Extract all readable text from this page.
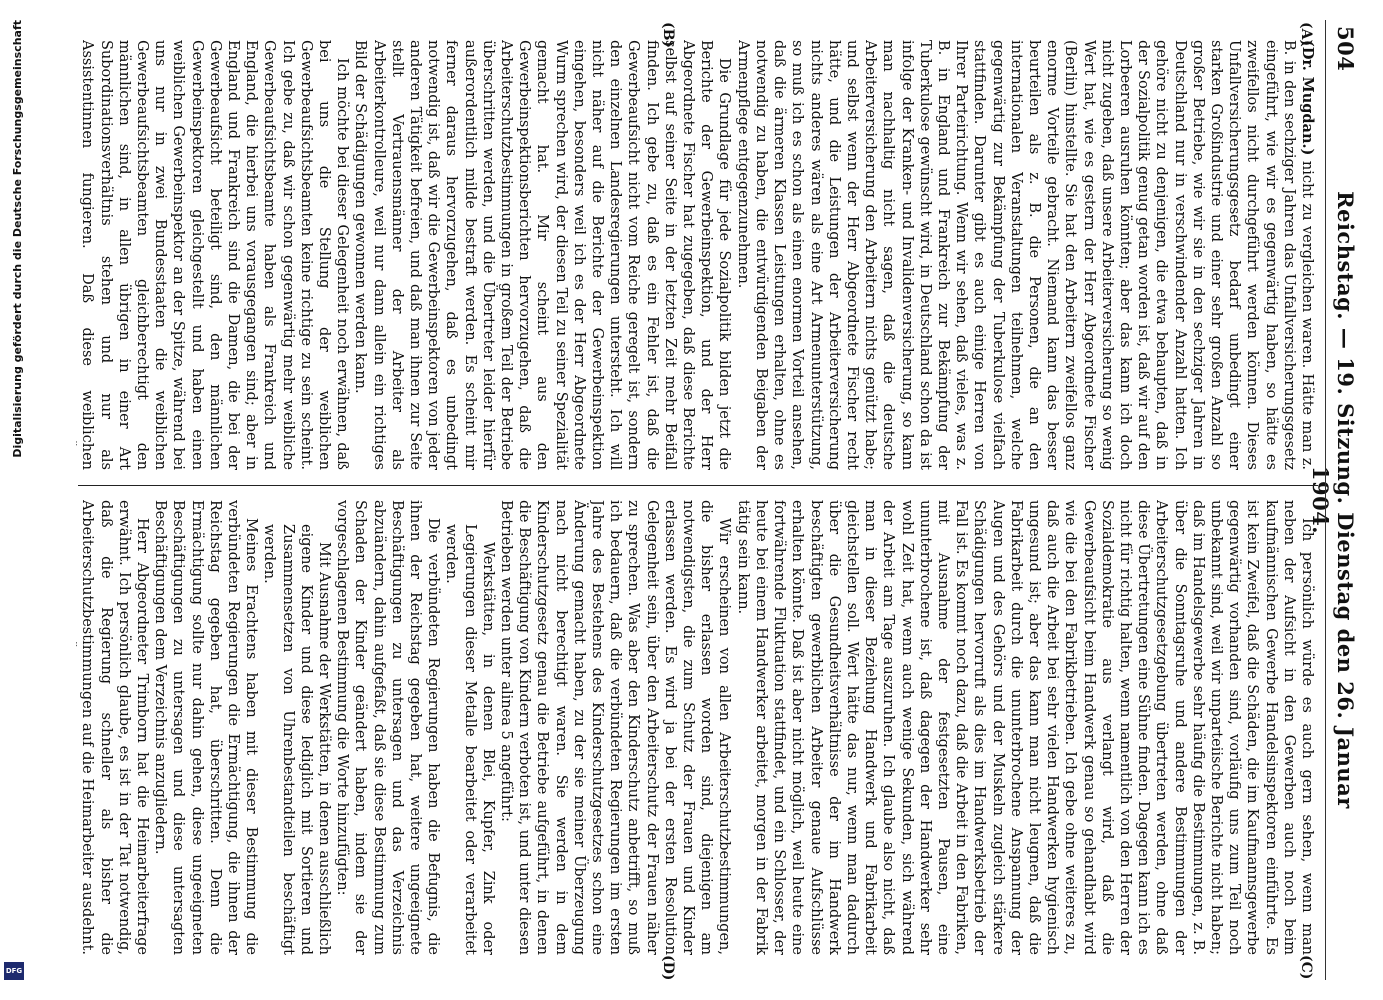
504
Reichstag. — 19. Sitzung. Dienstag den 26. Januar 1904.
(A)
(B)
(C)
(D)

(Dr. Mugdan.) nicht zu vergleichen waren. Hätte man z. B. in den sechziger Jahren das Unfallversicherungsgesetz eingeführt, wie wir es gegenwärtig haben, so hätte es zweifellos nicht durchgeführt werden können. Dieses Unfallversicherungsgesetz bedarf unbedingt einer starken Großindustrie und einer sehr großen Anzahl so großer Betriebe, wie wir sie in den sechziger Jahren in Deutschland nur in verschwindender Anzahl hatten. Ich gehöre nicht zu denjenigen, die etwa behaupten, daß in der Sozialpolitik genug getan worden ist, daß wir auf den Lorbeeren ausruhen könnten; aber das kann ich doch nicht zugeben, daß unsere Arbeiterversicherung so wenig Wert hat, wie es gestern der Herr Abgeordnete Fischer (Berlin) hinstellte. Sie hat den Arbeitern zweifellos ganz enorme Vorteile gebracht. Niemand kann das besser beurteilen als z. B. die Personen, die an den internationalen Veranstaltungen teilnehmen, welche gegenwärtig zur Bekämpfung der Tuberkulose vielfach stattfinden. Darunter gibt es auch einige Herren von Ihrer Parteirichtung. Wenn wir sehen, daß vieles, was z. B. in England und Frankreich zur Bekämpfung der Tuberkulose gewünscht wird, in Deutschland schon da ist infolge der Kranken- und Invalidenversicherung, so kann man nachhaltig nicht sagen, daß die deutsche Arbeiterversicherung den Arbeitern nichts genützt habe; und selbst wenn der Herr Abgeordnete Fischer recht hätte, und die Leistungen der Arbeiterversicherung nichts anderes wären als eine Art Armenunterstützung, so muß ich es schon als einen enormen Vorteil ansehen, daß die ärmeren Klassen Leistungen erhalten, ohne es notwendig zu haben, die entwürdigenden Beigaben der Armenpflege entgegenzunehmen.

Die Grundlage für jede Sozialpolitik bilden jetzt die Berichte der Gewerbeinspektion, und der Herr Abgeordnete Fischer hat zugegeben, daß diese Berichte selbst auf seiner Seite in der letzten Zeit mehr Beifall finden. Ich gebe zu, daß es ein Fehler ist, daß die Gewerbeaufsicht nicht vom Reiche geregelt ist, sondern den einzelnen Landesregierungen untersteht. Ich will nicht näher auf die Berichte der Gewerbeinspektion eingehen, besonders weil ich es der Herr Abgeordnete Wurm sprechen wird, der diesen Teil zu seiner Spezialität gemacht hat. Mir scheint aus den Gewerbeinspektionsberichten hervorzugehen, daß die Arbeiterschutzbestimmungen in großem Teil der Betriebe überschritten werden, und die Übertreter leider hierfür außerordentlich milde bestraft werden. Es scheint mir ferner daraus hervorzugehen, daß es unbedingt notwendig ist, daß wir die Gewerbeinspektoren von jeder anderen Tätigkeit befreien, und daß man ihnen zur Seite stellt Vertrauensmänner der Arbeiter als Arbeiterkontrolleure, weil nur dann allein ein richtiges Bild der Schädigungen gewonnen werden kann.

Ich möchte bei dieser Gelegenheit noch erwähnen, daß bei uns die Stellung der weiblichen Gewerbeaufsichtsbeamten keine richtige zu sein scheint. Ich gebe zu, daß wir schon gegenwärtig mehr weibliche Gewerbeaufsichtsbeamte haben als Frankreich und England, die hierbei uns vorausgegangen sind; aber in England und Frankreich sind die Damen, die bei der Gewerbeaufsicht beteiligt sind, den männlichen Gewerbeinspektoren gleichgestellt und haben einen weiblichen Gewerbeinspektor an der Spitze, während bei uns nur in zwei Bundesstaaten die weiblichen Gewerbeaufsichtsbeamten gleichberechtigt den männlichen sind, in allen übrigen in einer Art Subordinationsverhältnis stehen und nur als Assistentinnen fungieren. Daß diese weiblichen

Ich persönlich würde es auch gern sehen, wenn man neben der Aufsicht in den Gewerben auch noch beim kaufmännischen Gewerbe Handelsinspektoren einführte. Es ist kein Zweifel, daß die Schäden, die im Kaufmannsgewerbe gegenwärtig vorhanden sind, vorläufig uns zum Teil noch unbekannt sind, weil wir unparteiische Berichte nicht haben; daß im Handelsgewerbe sehr häufig die Bestimmungen, z. B. über die Sonntagsruhe und andere Bestimmungen der Arbeiterschutzgesetzgebung übertreten werden, ohne daß diese Übertretungen eine Sühne finden. Dagegen kann ich es nicht für richtig halten, wenn namentlich von den Herren der Sozialdemokratie aus verlangt wird, daß die Gewerbeaufsicht beim Handwerk genau so gehandhabt wird wie die bei den Fabrikbetrieben. Ich gebe ohne weiteres zu, daß auch die Arbeit bei sehr vielen Handwerken hygienisch ungesund ist; aber das kann man nicht leugnen, daß die Fabrikarbeit durch die ununterbrochene Anspannung der Augen und des Gehörs und der Muskeln zugleich stärkere Schädigungen hervorruft als dies im Handwerksbetrieb der Fall ist. Es kommt noch dazu, daß die Arbeit in den Fabriken, mit Ausnahme der festgesetzten Pausen, eine ununterbrochene ist, daß dagegen der Handwerker sehr wohl Zeit hat, wenn auch wenige Sekunden, sich während der Arbeit am Tage auszuruhen. Ich glaube also nicht, daß man in dieser Beziehung Handwerk und Fabrikarbeit gleichstellen soll. Wert hätte das nur, wenn man dadurch über die Gesundheitsverhältnisse der im Handwerk beschäftigten gewerblichen Arbeiter genaue Aufschlüsse erhalten könnte. Daß ist aber nicht möglich, weil heute eine fortwährende Fluktuation stattfindet, und ein Schlosser, der heute bei einem Handwerker arbeitet, morgen in der Fabrik tätig sein kann.

Wir erscheinen von allen Arbeiterschutzbestimmungen, die bisher erlassen worden sind, diejenigen am notwendigsten, die zum Schutz der Frauen und Kinder erlassen werden. Es wird ja bei der ersten Resolution Gelegenheit sein, über den Arbeiterschutz der Frauen näher zu sprechen. Was aber den Kinderschutz anbetrifft, so muß ich bedauern, daß die verbündeten Regierungen im ersten Jahre des Bestehens des Kinderschutzgesetzes schon eine Änderung gemacht haben, zu der sie meiner Überzeugung nach nicht berechtigt waren. Sie werden in dem Kinderschutzgesetz genau die Betriebe aufgeführt, in denen die Beschäftigung von Kindern verboten ist, und unter diesen Betrieben werden unter alinea 5 angeführt:

Werkstätten, in denen Blei, Kupfer, Zink oder Legierungen dieser Metalle bearbeitet oder verarbeitet werden.

Die verbündeten Regierungen haben die Befugnis, die ihnen der Reichstag gegeben hat, weitere ungeeignete Beschäftigungen zu untersagen und das Verzeichnis abzuändern, dahin aufgefaßt, daß sie diese Bestimmung zum Schaden der Kinder geändert haben, indem sie der vorgeschlagenen Bestimmung die Worte hinzufügten:

Mit Ausnahme der Werkstätten, in denen ausschließlich eigene Kinder und diese lediglich mit Sortieren und Zusammensetzen von Uhrenbestandteilen beschäftigt werden.

Meines Erachtens haben mit dieser Bestimmung die verbündeten Regierungen die Ermächtigung, die ihnen der Reichstag gegeben hat, überschritten. Denn die Ermächtigung sollte nur dahin gehen, diese ungeeigneten Beschäftigungen zu untersagen und diese untersagten Beschäftigungen dem Verzeichnis anzugliedern.

Herr Abgeordneter Trimborn hat die Heimarbeiterfrage erwähnt. Ich persönlich glaube, es ist in der Tat notwendig, daß die Regierung schneller als bisher die Arbeiterschutzbestimmungen auf die Heimarbeiter ausdehnt.

Digitalisierung gefördert durch die Deutsche Forschungsgemeinschaft
DFG
